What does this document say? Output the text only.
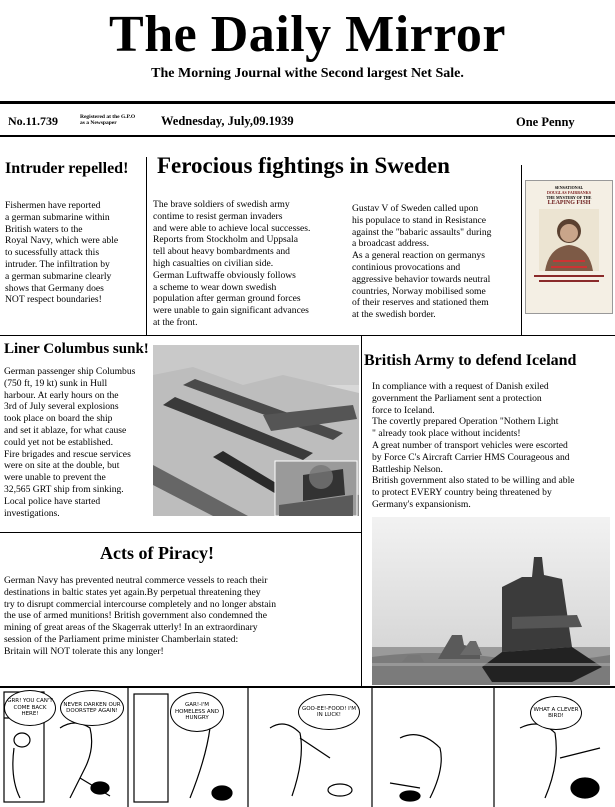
The Daily Mirror
The Morning Journal withe Second largest Net Sale.
No.11.739	Registered at the G.P.O
as a Newspaper	Wednesday, July,09.1939	One Penny
Intruder repelled!
Fishermen have reported
a german submarine within
British waters to the
Royal Navy, which were able
to sucessfully attack this
intruder. The infiltration by
a german submarine clearly
shows that Germany does
NOT respect boundaries!
Ferocious fightings in Sweden
The brave soldiers of swedish army
contime to resist german invaders
and were able to achieve local successes.
Reports from Stockholm and Uppsala
tell about heavy bombardments and
high casualties on civilian side.
German Luftwaffe obviously follows
a scheme to wear down swedish
population after german ground forces
were unable to gain significant advances
at the front.
Gustav V of Sweden called upon
his populace to stand in Resistance
against the "babaric assaults" during
a broadcast address.
As a general reaction on germanys
continious provocations and
aggressive behavior towards neutral
countries, Norway mobilised some
of their reserves and stationed them
at the swedish border.
SENSATIONAL
DOUGLAS FAIRBANKS
THE MYSTERY OF THE
LEAPING FISH
Liner Columbus sunk!
German passenger ship Columbus
(750 ft, 19 kt) sunk in Hull
harbour. At early hours on the
3rd of July several explosions
took place on board the ship
and set it ablaze, for what cause
could yet not be established.
Fire brigades and rescue services
were on site at the double, but
were unable to prevent the
32,565 GRT ship from sinking.
Local police have started
investigations.
British Army to defend Iceland
In compliance with a request of Danish exiled
government the Parliament sent a protection
force to Iceland.
The covertly prepared Operation "Nothern Light
" already took place without incidents!
A great number of transport vehicles were escorted
by Force C's Aircraft Carrier HMS Courageous and
Battleship Nelson.
British government also stated to be willing and able
to protect EVERY country being threatened by
Germany's expansionism.
Acts of Piracy!
German Navy has prevented neutral commerce vessels to reach their
destinations in baltic states yet again.By perpetual threatening they
try to disrupt commercial intercourse completely and no longer abstain
the use of armed munitions! British government also condemned the
mining of great areas of the Skagerrak utterly! In an extraordinary
session of the Parliament prime minister Chamberlain stated:
Britain will NOT tolerate this any longer!
GRR! YOU CAN'T COME BACK HERE!
NEVER DARKEN OUR DOORSTEP AGAIN!
GAR!-I'M HOMELESS AND HUNGRY
GOO-EE!-FOOD! I'M IN LUCK!
WHAT A CLEVER BIRD!
